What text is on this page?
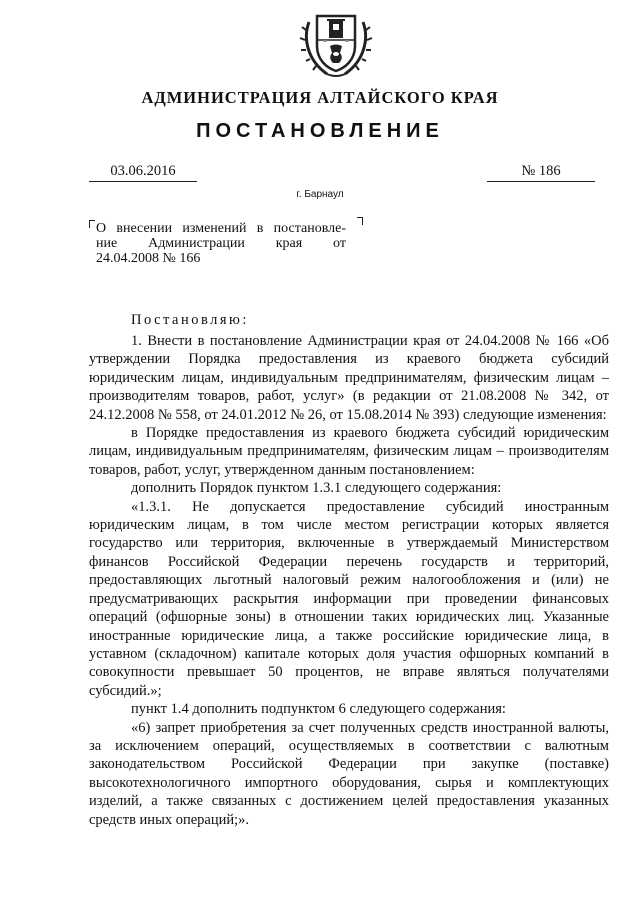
АДМИНИСТРАЦИЯ АЛТАЙСКОГО КРАЯ
ПОСТАНОВЛЕНИЕ
03.06.2016	№ 186
г. Барнаул
О внесении изменений в постановле-
ние Администрации края от
24.04.2008 № 166
Постановляю:
1. Внести в постановление Администрации края от 24.04.2008 № 166 «Об утверждении Порядка предоставления из краевого бюджета субсидий юридическим лицам, индивидуальным предпринимателям, физическим лицам – производителям товаров, работ, услуг» (в редакции от 21.08.2008 № 342, от 24.12.2008 № 558, от 24.01.2012 № 26, от 15.08.2014 № 393) следующие изменения:
в Порядке предоставления из краевого бюджета субсидий юридическим лицам, индивидуальным предпринимателям, физическим лицам – производителям товаров, работ, услуг, утвержденном данным постановлением:
дополнить Порядок пунктом 1.3.1 следующего содержания:
«1.3.1. Не допускается предоставление субсидий иностранным юридическим лицам, в том числе местом регистрации которых является государство или территория, включенные в утверждаемый Министерством финансов Российской Федерации перечень государств и территорий, предоставляющих льготный налоговый режим налогообложения и (или) не предусматривающих раскрытия информации при проведении финансовых операций (офшорные зоны) в отношении таких юридических лиц. Указанные иностранные юридические лица, а также российские юридические лица, в уставном (складочном) капитале которых доля участия офшорных компаний в совокупности превышает 50 процентов, не вправе являться получателями субсидий.»;
пункт 1.4 дополнить подпунктом 6 следующего содержания:
«6) запрет приобретения за счет полученных средств иностранной валюты, за исключением операций, осуществляемых в соответствии с валютным законодательством Российской Федерации при закупке (поставке) высокотехнологичного импортного оборудования, сырья и комплектующих изделий, а также связанных с достижением целей предоставления указанных средств иных операций;».
